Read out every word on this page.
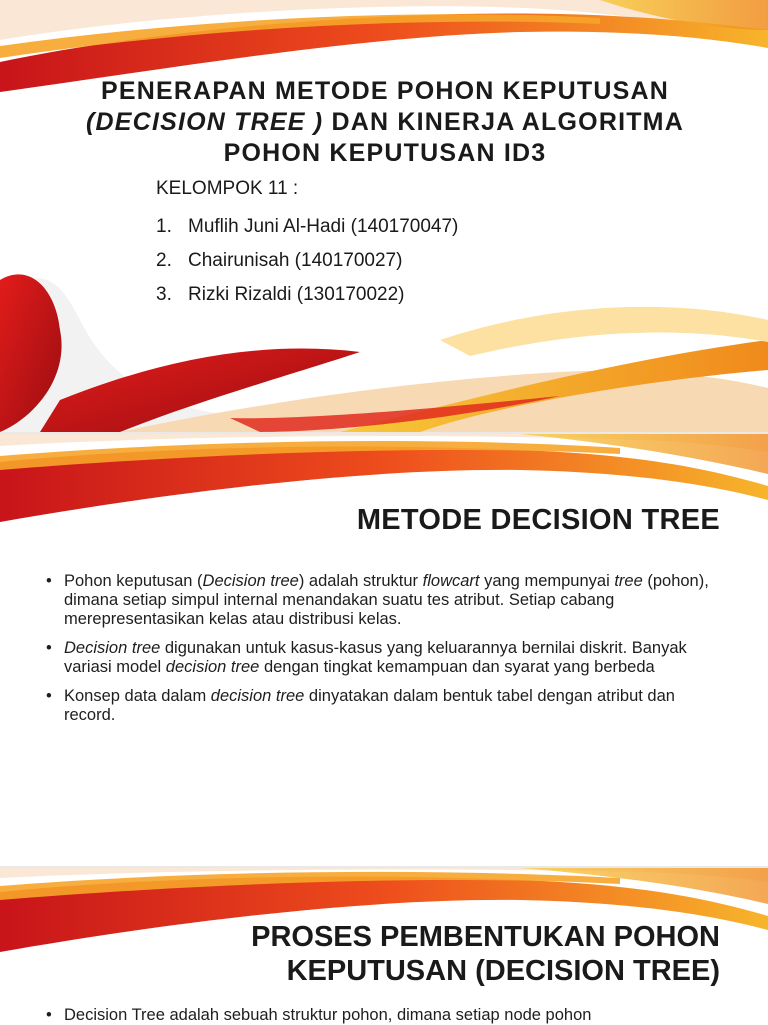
PENERAPAN METODE POHON KEPUTUSAN
(DECISION TREE ) DAN KINERJA ALGORITMA
POHON KEPUTUSAN ID3
KELOMPOK 11 :
1. Muflih Juni Al-Hadi (140170047)
2. Chairunisah (140170027)
3. Rizki Rizaldi (130170022)
METODE DECISION TREE
• Pohon keputusan (Decision tree) adalah struktur flowcart yang mempunyai tree (pohon), dimana setiap simpul internal menandakan suatu tes atribut. Setiap cabang merepresentasikan kelas atau distribusi kelas.
• Decision tree digunakan untuk kasus-kasus yang keluarannya bernilai diskrit. Banyak variasi model decision tree dengan tingkat kemampuan dan syarat yang berbeda
• Konsep data dalam decision tree dinyatakan dalam bentuk tabel dengan atribut dan record.
PROSES PEMBENTUKAN POHON
KEPUTUSAN (DECISION TREE)
• Decision Tree adalah sebuah struktur pohon, dimana setiap node pohon
